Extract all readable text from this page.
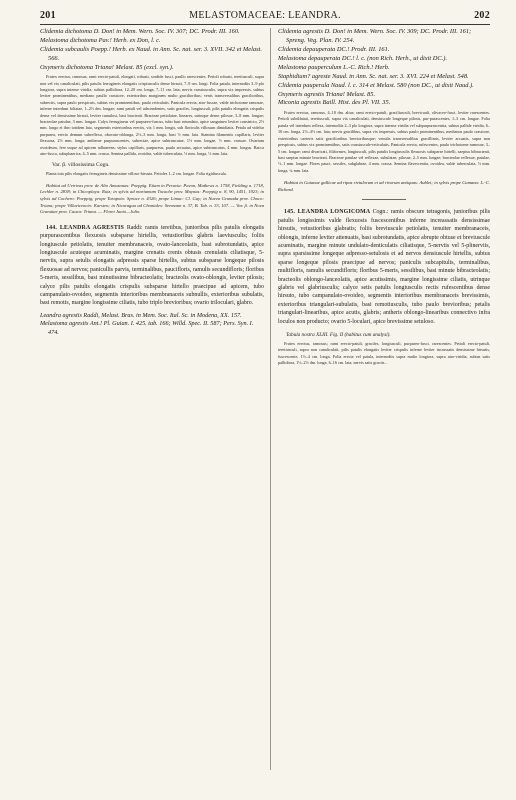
201	MELASTOMACEAE: LEANDRA.	202

Clidemia dichotoma D. Don! in Mem. Wern. Soc. IV. 307; DC. Prodr. III. 160.
Melastoma dichotoma Pav.! Herb. ex Don, l. c.
Clidemia subcaulis Poepp.! Herb. ex Naud. in Ann. Sc. nat. ser. 3. XVII. 342 et Melast. 566.
Oxymeris dichotoma Triana! Melast. 85 (excl. syn.).

Frutex erectus, ramosus; rami erecto-patuli, elongati, robusti, sordide fusci, paullo rarescentes. Petioli robusti, teretiusculi, supra non vel vix canaliculati, pilis patulis ferrugineis elongatis crispiusculis dense hirsuti, 7–9 cm. longi. Folia patula, internodiis 3–9 plo longiora, supra intense viridia, subtus pallidiora, 12–20 cm. longa, 7–11 cm. lata; nervis crassiusculis, supra vix impressis, subtus leviter prominentibus, mediano paullo crassiore, exterioribus marginem multo gracilioribus; venis transversalibus gracilioribus, subrectis, supra paulo perspicuis, subtus vix prominentibus, paulo reticulatis. Panicula erecta, atro-fuscae, valde trichotome ramosae, inferne interdum foliatae, 1–2½ dm. longae; rami patuli vel adscendentes, satis graciles, longiusculi, pilis patulis elongatis crispulis dense vel densissime hirsuti, leviter ramulosi, basi bracteati. Bracteae petiolatae, lineares, utrinque dense pilosae, 3–8 mm. longae; bracteolae patulae, 3 mm. longae. Calyx ferrugineus vel purpureo-fuscus, tubo basi rotundato, apice sanguineo leviter constricto, 2½ mm. longo et ibro totidem lato, segmentis exterioribus erectis, vix 1 mm. longis, sub floriculis villosum dimidiatis. Petala ad videlur purpurea, erecto demum subreflexa, obovato-oblonga, 2½–3 mm. longa, basi ½ mm. lata. Stamina filamentis capillaris, leviter flexuosa, 2½ mm. longa; antherae purpurascentes, subrectae, apice subtruncatae, 1½ mm. longae, ½ mm. crassae. Ovarium ovoideum, fere usque ad apicem adhaerens; stylus capillaris, purpureus, paulo arcuatus, apice subtruncatus, 4 mm. longus. Bacca atro-fusca, subsphaerica, 4–5 mm. crassa. Semina pallida, ovoidea, valde tuberculata, ½ mm. longa, ⅓ mm. lata.

Var. β. villosissima Cogn.

Planta tota pilis elongatis ferrugineis densissime villoso-hirsuta. Petioles 1–2 cm. longae. Folia rigidiuscula.

Habitat ad Uvirivas prov. de Alto Amazonas: Poeppig. Etiam in Peruvia: Pavon, Mathews n. 1758, Fielding n. 1718, Lechler n. 2838; in Chicoplaya: Ruiz; in sylvis ad mariamum Tocache prov. Maynas: Poeppig n. 8, 90, 1451, 1923; in sylvis ad Cochero: Poeppig; prope Tarapoto: Spruce n. 4326; prope Limac: Cl. Gay; in Nueva Granada prov. Choco: Triana; prope Villavicencio: Karsten; in Nicaragua ad Chontales: Seemann n. 37, B. Tab. n. 33, 107. — Var. β. in Nova Granatae prov. Cauca: Triana. — Floret Junio—Julio.

144. LEANDRA AGRESTIS Raddi: ramis teretibus, junioribus pilis patulis elongatis purpurascentibus flexuosis subsparse hirtellis, vetustioribus glabris laeviusculis; foliis longiuscule petiolatis, tenuiter membranaceis, ovato-lanceolatis, basi subrotundatis, apice longiuscule acuteque acuminatis, margine crenatis crenis obtusis crenulatis ciliatisque, 5-nerviis, supra setulis elongatis adpressis sparse hirtellis, subtus subsparse longeque pilosis flexuosae ad nervos; panicullis parvis, terminalibus, paucifloris, ramulis secundifloris; floribus 5-meris, sessilibus, basi minutissime bibracteolatis; bracteolis ovato-oblongis, leviter pilosis; calyce pilis patulis elongatis crispulis subsparse hirtello praecipue ad apicem, tubo campanulato-ovoideo, segmentis interioribus membranaceis subnullis, exterioribus subulatis, basi remotis, margine longissime ciliatis, tubo triplo brevioribus; ovario triloculari, glabro.

Leandra agrestis Raddi, Melast. Bras. in Mem. Soc. Ital. Sc. in Modena, XX. 157.
Melastoma agrestis Ant.! Pl. Guian. I. 425. tab. 166; Willd. Spec. II. 587; Pers. Syn. I. 474.

Clidemia agrestis D. Don! in Mem. Wern. Soc. IV. 309; DC. Prodr. III. 161; Spreng. Veg. Plan. IV. 254.
Clidemia depauperata DC.! Prodr. III. 161.
Melastoma depauperata DC.! l. c. (non Rich. Herb., ut dixit DC.).
Melastoma pauperculum L.-C. Rich.! Herb.
Staphidium? agreste Naud. in Ann. Sc. nat. ser. 3. XVI. 224 et Melast. 548.
Clidemia pauperula Naud. l. c. 314 et Melast. 580 (non DC., ut dixit Naud.).
Oxymeris agrestis Triana! Melast. 85.
Miconia agrestis Baill. Hist. des Pl. VII. 35.

Frutex erectus, ramosus, 4–10 dm. altus; rami erecto-patuli, graciliusculi, brevicauli, olivaceo-fusci, leviter rarescentes. Petioli subdilatati, teretiusculi, supra vix canaliculati, densiuscule longeque pilosis, pur-purascentes, 1–3 cm. longae. Folia patula vel interdum reflexa, internodiis 2–3 plo longiora, supra intense viridia vel subpurpurascentia, subtus pallide viridia, 6–10 cm. longa, 2½–4½ cm. lata; nervis gracilibus, supra vix impressis, subtus paulo prominentibus, medianos paulo crassiore, exterioribus caeteris satis gracilioribus brevioribusque; venulis transversalibus gracillimis, leviter arcuatis, supra non perspicuis, subtus vix prominentibus, satis crassiuscule-reticulatis. Panicula erecta, rufescentes, paulo trichotome ramosae, 3–5 cm. longae; rami divaricati, filiformes, longiusculi, pilis patulis longiusculis flexuosis subsparse hirtelli, saepius bibracteati, basi saepius minute bracteati. Bracteae patulae vel reflexae, subulatae, pilosae, 2–5 mm. longae; bracteolae reflexae, patulae, ½–1 mm. longae. Flores pauci, sessiles, subglabrae, 4 mm. crassa. Semina flavescentia, ovoidea, valde tuberculata, ⅓ mm. longa, ¼ mm. lata.

Habitat in Guianae gallicae ad ripas riviulorum et ad rivorum antiquus: Aublet; in sylvis prope Cumana: L.-C. Richard.

145. LEANDRA LONGICOMA Cogn.: ramis obscure tetragonis, junioribus pilis patulis longissimis valde flexuosis fuscescentibus inferne increassatis densissimae hirsutis, vetustioribus glabratis; foliis breviuscule petiolatis, tenuiter membranaceis, oblongis, inferne leviter attenuatis, basi subrotundatis, apice abrupte obtuse et breviuscule acuminatis, margine minute undulato-denticulatis ciliatisque, 5-nerviis vel 5-plinerviis, supra sparsissime longeque adpresso-setulosis et ad nervos densiuscule hirtellis, subtus sparse longeque pilosis praecipue ad nervos; paniculis subcapitulis, terminalibus, multifloris, ramulis secundifloris; floribus 5-meris, sessilibus, basi minute bibracteolatis; bracteolis oblongo-lanceolatis, apice acutissimis, margine longissime ciliatis, utrinque glabris vel glabriusculis; calyce setis patulis longiusculis rectis rufescentibus dense hirsuto, tubo campanulato-ovoideo, segmentis interioribus membranaceis brevissimis, exterioribus triangulari-subulatis, basi remotiusculis, tubo paulo brevioribus; petalis triangulari-linearibus, apice acutis, glabris; antheris oblongo-linearibus connectivo infra loculos non producto; ovario 5-loculari, apice brevissime setuloso.

Tabula nostra XLIII. Fig. II (habitus cum analysi).

Frutex erectus, ramosus; rami erecto-patuli, graciles, longiusculi, purpureo-fusci, rarescentes. Petioli erecto-patuli, teretiusculi, supra non canaliculati, pilis patulis elongatis leviter crispulis inferne leviter incrassatis densissime hirsutis, fuscescente, 1½–4 cm. longa. Folia erecta vel patula, internodiis supra multo longiora, supra atro-viridia, subtus satis pallidiora, 1½–2½ dm. longa, 6–16 cm. lata; nervis satis graciis...
